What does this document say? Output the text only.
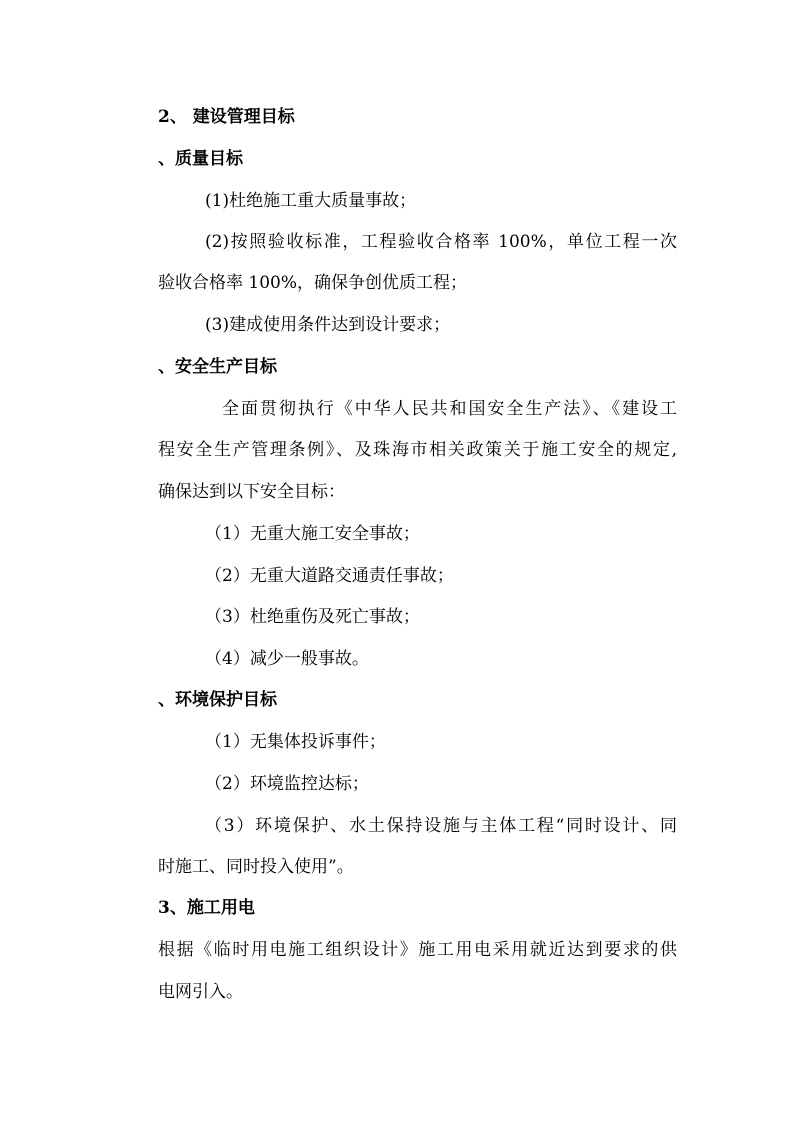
2、 建设管理目标
、质量目标
(1)杜绝施工重大质量事故；
(2)按照验收标准，工程验收合格率 100%，单位工程一次
验收合格率 100%，确保争创优质工程；
(3)建成使用条件达到设计要求；
、安全生产目标
全面贯彻执行《中华人民共和国安全生产法》、《建设工
程安全生产管理条例》、及珠海市相关政策关于施工安全的规定,
确保达到以下安全目标：
（1）无重大施工安全事故；
（2）无重大道路交通责任事故；
（3）杜绝重伤及死亡事故；
（4）减少一般事故。
、环境保护目标
（1）无集体投诉事件；
（2）环境监控达标；
（3）环境保护、水土保持设施与主体工程“同时设计、同
时施工、同时投入使用”。
3、施工用电
根据《临时用电施工组织设计》施工用电采用就近达到要求的供
电网引入。
